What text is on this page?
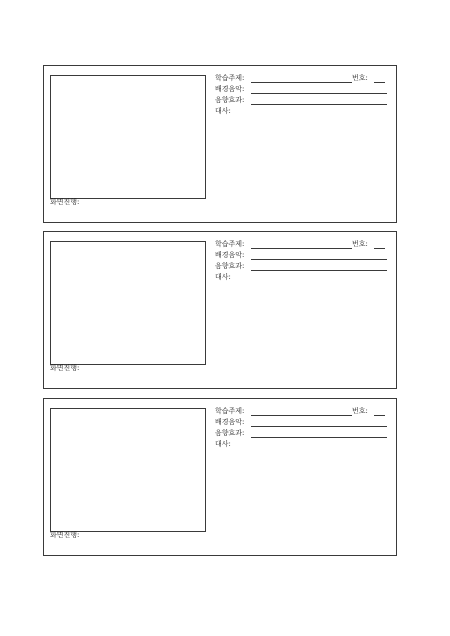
화면진행:
학습주제:	번호:
배경음악:
음향효과:
대사:
화면진행:
학습주제:	번호:
배경음악:
음향효과:
대사:
화면진행:
학습주제:	번호:
배경음악:
음향효과:
대사:
